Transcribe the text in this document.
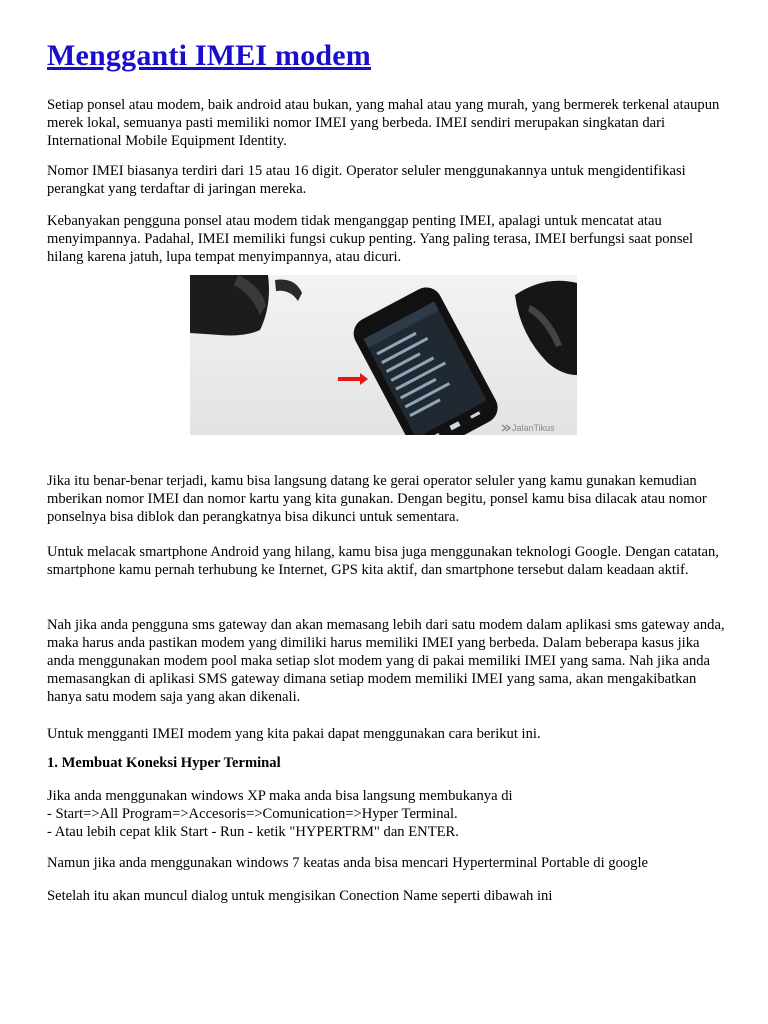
Mengganti IMEI modem

Setiap ponsel atau modem, baik android atau bukan, yang mahal atau yang murah, yang bermerek terkenal ataupun merek lokal, semuanya pasti memiliki nomor IMEI yang berbeda. IMEI sendiri merupakan singkatan dari International Mobile Equipment Identity.

Nomor IMEI biasanya terdiri dari 15 atau 16 digit. Operator seluler menggunakannya untuk mengidentifikasi perangkat yang terdaftar di jaringan mereka.

Kebanyakan pengguna ponsel atau modem tidak menganggap penting IMEI, apalagi untuk mencatat atau menyimpannya. Padahal, IMEI memiliki fungsi cukup penting. Yang paling terasa, IMEI berfungsi saat ponsel hilang karena jatuh, lupa tempat menyimpannya, atau dicuri.

JalanTikus

Jika itu benar-benar terjadi, kamu bisa langsung datang ke gerai operator seluler yang kamu gunakan kemudian mberikan nomor IMEI dan nomor kartu yang kita gunakan. Dengan begitu, ponsel kamu bisa dilacak atau nomor ponselnya bisa diblok dan perangkatnya bisa dikunci untuk sementara.

Untuk melacak smartphone Android yang hilang, kamu bisa juga menggunakan teknologi Google. Dengan catatan, smartphone kamu pernah terhubung ke Internet, GPS kita aktif, dan smartphone tersebut dalam keadaan aktif.

Nah jika anda pengguna sms gateway dan akan memasang lebih dari satu modem dalam aplikasi sms gateway anda, maka harus anda pastikan modem yang dimiliki harus memiliki IMEI yang berbeda. Dalam beberapa kasus jika anda menggunakan modem pool maka setiap slot modem yang di pakai memiliki IMEI yang sama. Nah jika anda memasangkan di aplikasi SMS gateway dimana setiap modem memiliki IMEI yang sama, akan mengakibatkan hanya satu modem saja yang akan dikenali.

Untuk mengganti IMEI modem yang kita pakai dapat menggunakan cara berikut ini.

1. Membuat Koneksi Hyper Terminal

Jika anda menggunakan windows XP maka anda bisa langsung membukanya di
- Start=>All Program=>Accesoris=>Comunication=>Hyper Terminal.
- Atau lebih cepat klik Start - Run - ketik "HYPERTRM" dan ENTER.

Namun jika anda menggunakan windows 7 keatas anda bisa mencari Hyperterminal Portable di google

Setelah itu akan muncul dialog untuk mengisikan Conection Name seperti dibawah ini
